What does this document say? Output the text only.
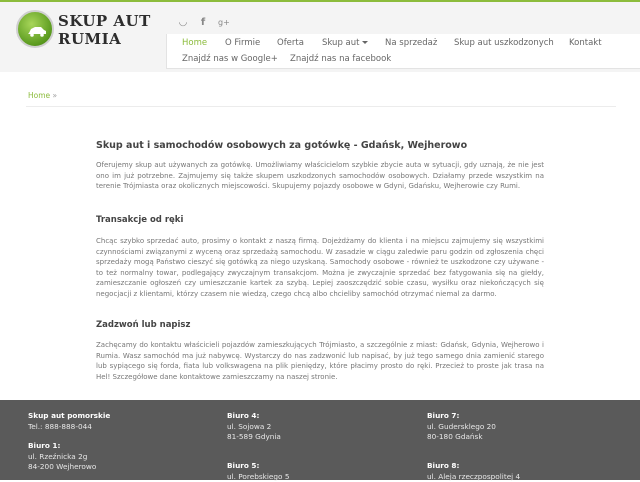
SKUP AUT
RUMIA
◡ f	g+
Home O Firmie Oferta Skup aut	Na sprzedaż Skup aut uszkodzonych Kontakt
Znajdź nas w Google+ Znajdź nas na facebook
Home »
Skup aut i samochodów osobowych za gotówkę - Gdańsk, Wejherowo
Oferujemy skup aut używanych za gotówkę. Umożliwiamy właścicielom szybkie zbycie auta w sytuacji, gdy uznają, że nie jest ono im już potrzebne. Zajmujemy się także skupem uszkodzonych samochodów osobowych. Działamy przede wszystkim na terenie Trójmiasta oraz okolicznych miejscowości. Skupujemy pojazdy osobowe w Gdyni, Gdańsku, Wejherowie czy Rumi.
Transakcje od ręki
Chcąc szybko sprzedać auto, prosimy o kontakt z naszą firmą. Dojeżdżamy do klienta i na miejscu zajmujemy się wszystkimi czynnościami związanymi z wyceną oraz sprzedażą samochodu. W zasadzie w ciągu zaledwie paru godzin od zgłoszenia chęci sprzedaży mogą Państwo cieszyć się gotówką za niego uzyskaną. Samochody osobowe - również te uszkodzone czy używane - to też normalny towar, podlegający zwyczajnym transakcjom. Można je zwyczajnie sprzedać bez fatygowania się na giełdy, zamieszczanie ogłoszeń czy umieszczanie kartek za szybą. Lepiej zaoszczędzić sobie czasu, wysiłku oraz niekończących się negocjacji z klientami, którzy czasem nie wiedzą, czego chcą albo chcieliby samochód otrzymać niemal za darmo.
Zadzwoń lub napisz
Zachęcamy do kontaktu właścicieli pojazdów zamieszkujących Trójmiasto, a szczególnie z miast: Gdańsk, Gdynia, Wejherowo i Rumia. Wasz samochód ma już nabywcę. Wystarczy do nas zadzwonić lub napisać, by już tego samego dnia zamienić starego lub sypiącego się forda, fiata lub volkswagena na plik pieniędzy, które płacimy prosto do ręki. Przecież to proste jak trasa na Hel! Szczegółowe dane kontaktowe zamieszczamy na naszej stronie.
Skup aut pomorskie
Tel.: 888-888-044
Biuro 1:
ul. Rzeźnicka 2g
84-200 Wejherowo
Biuro 4:
ul. Sojowa 2
81-589 Gdynia
Biuro 5:
ul. Porebskiego 5
Biuro 7:
ul. Gudersklego 20
80-180 Gdańsk
Biuro 8:
ul. Aleja rzeczpospolitej 4
